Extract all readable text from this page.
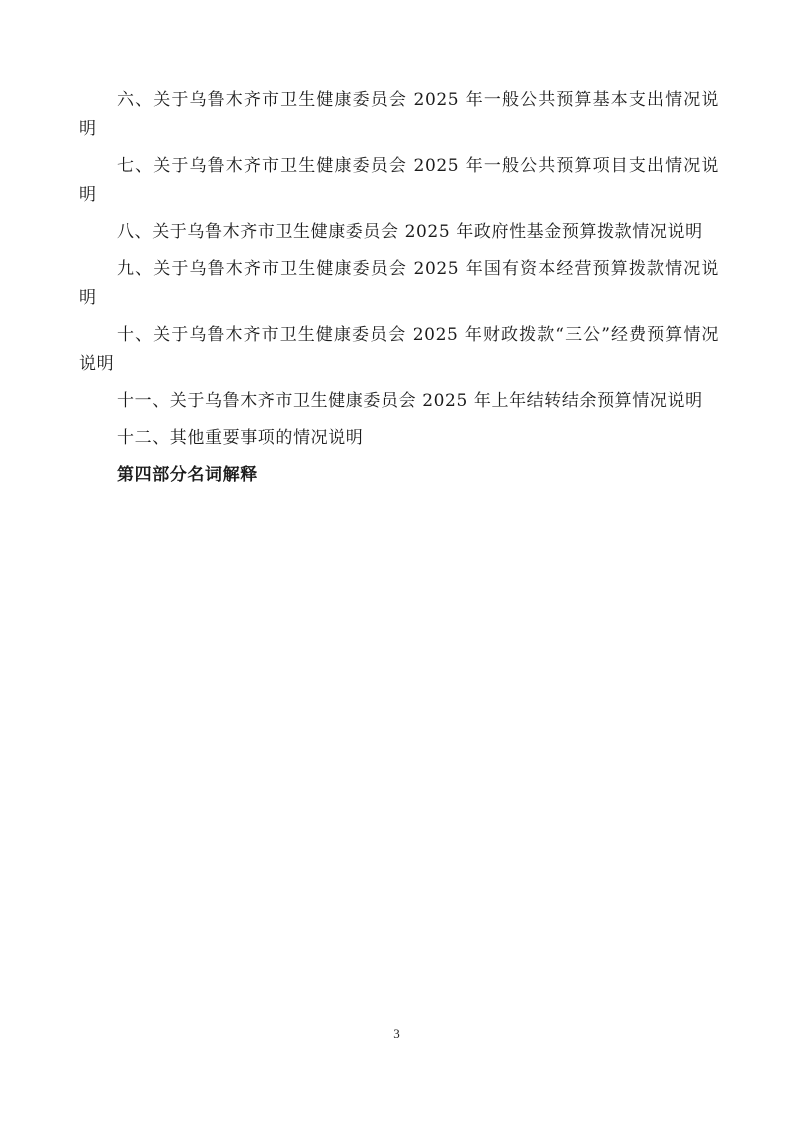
六、关于乌鲁木齐市卫生健康委员会 2025 年一般公共预算基本支出情况说明

七、关于乌鲁木齐市卫生健康委员会 2025 年一般公共预算项目支出情况说明

八、关于乌鲁木齐市卫生健康委员会 2025 年政府性基金预算拨款情况说明

九、关于乌鲁木齐市卫生健康委员会 2025 年国有资本经营预算拨款情况说明

十、关于乌鲁木齐市卫生健康委员会 2025 年财政拨款“三公”经费预算情况说明

十一、关于乌鲁木齐市卫生健康委员会 2025 年上年结转结余预算情况说明

十二、其他重要事项的情况说明

第四部分名词解释

3
